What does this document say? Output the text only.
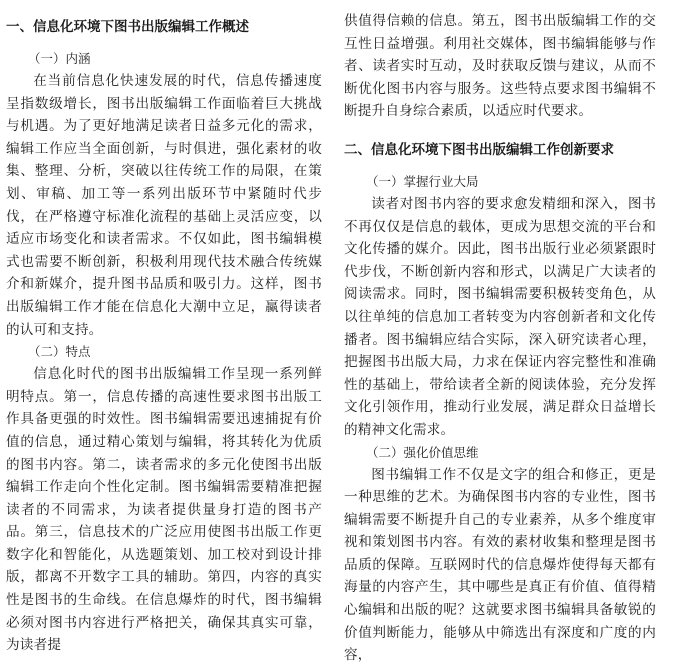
一、信息化环境下图书出版编辑工作概述
（一）内涵

在当前信息化快速发展的时代，信息传播速度呈指数级增长，图书出版编辑工作面临着巨大挑战与机遇。为了更好地满足读者日益多元化的需求，编辑工作应当全面创新，与时俱进，强化素材的收集、整理、分析，突破以往传统工作的局限，在策划、审稿、加工等一系列出版环节中紧随时代步伐，在严格遵守标准化流程的基础上灵活应变，以适应市场变化和读者需求。不仅如此，图书编辑模式也需要不断创新，积极利用现代技术融合传统媒介和新媒介，提升图书品质和吸引力。这样，图书出版编辑工作才能在信息化大潮中立足，赢得读者的认可和支持。

（二）特点

信息化时代的图书出版编辑工作呈现一系列鲜明特点。第一，信息传播的高速性要求图书出版工作具备更强的时效性。图书编辑需要迅速捕捉有价值的信息，通过精心策划与编辑，将其转化为优质的图书内容。第二，读者需求的多元化使图书出版编辑工作走向个性化定制。图书编辑需要精准把握读者的不同需求，为读者提供量身打造的图书产品。第三，信息技术的广泛应用使图书出版工作更数字化和智能化，从选题策划、加工校对到设计排版，都离不开数字工具的辅助。第四，内容的真实性是图书的生命线。在信息爆炸的时代，图书编辑必须对图书内容进行严格把关，确保其真实可靠，为读者提

供值得信赖的信息。第五，图书出版编辑工作的交互性日益增强。利用社交媒体，图书编辑能够与作者、读者实时互动，及时获取反馈与建议，从而不断优化图书内容与服务。这些特点要求图书编辑不断提升自身综合素质，以适应时代要求。

二、信息化环境下图书出版编辑工作创新要求
（一）掌握行业大局

读者对图书内容的要求愈发精细和深入，图书不再仅仅是信息的载体，更成为思想交流的平台和文化传播的媒介。因此，图书出版行业必须紧跟时代步伐，不断创新内容和形式，以满足广大读者的阅读需求。同时，图书编辑需要积极转变角色，从以往单纯的信息加工者转变为内容创新者和文化传播者。图书编辑应结合实际，深入研究读者心理，把握图书出版大局，力求在保证内容完整性和准确性的基础上，带给读者全新的阅读体验，充分发挥文化引领作用，推动行业发展，满足群众日益增长的精神文化需求。

（二）强化价值思维

图书编辑工作不仅是文字的组合和修正，更是一种思维的艺术。为确保图书内容的专业性，图书编辑需要不断提升自己的专业素养，从多个维度审视和策划图书内容。有效的素材收集和整理是图书品质的保障。互联网时代的信息爆炸使得每天都有海量的内容产生，其中哪些是真正有价值、值得精心编辑和出版的呢？这就要求图书编辑具备敏锐的价值判断能力，能够从中筛选出有深度和广度的内容，
